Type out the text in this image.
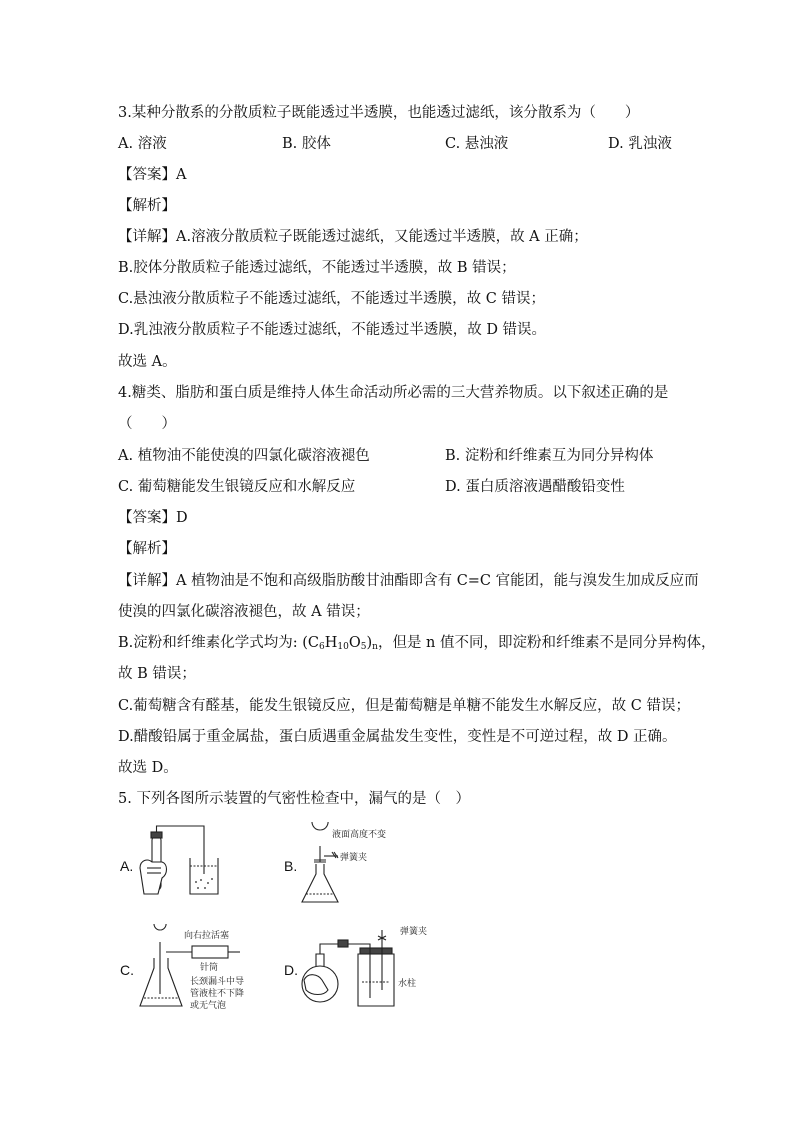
3.某种分散系的分散质粒子既能透过半透膜，也能透过滤纸，该分散系为（　　）
A. 溶液	B. 胶体	C. 悬浊液	D. 乳浊液
【答案】A
【解析】
【详解】A.溶液分散质粒子既能透过滤纸，又能透过半透膜，故 A 正确；
B.胶体分散质粒子能透过滤纸，不能透过半透膜，故 B 错误；
C.悬浊液分散质粒子不能透过滤纸，不能透过半透膜，故 C 错误；
D.乳浊液分散质粒子不能透过滤纸，不能透过半透膜，故 D 错误。
故选 A。
4.糖类、脂肪和蛋白质是维持人体生命活动所必需的三大营养物质。以下叙述正确的是
（　　）
A. 植物油不能使溴的四氯化碳溶液褪色	B. 淀粉和纤维素互为同分异构体
C. 葡萄糖能发生银镜反应和水解反应	D. 蛋白质溶液遇醋酸铅变性
【答案】D
【解析】
【详解】A 植物油是不饱和高级脂肪酸甘油酯即含有 C=C 官能团，能与溴发生加成反应而
使溴的四氯化碳溶液褪色，故 A 错误；
B.淀粉和纤维素化学式均为: $(C_6H_{10}O_5)_n$，但是 n 值不同，即淀粉和纤维素不是同分异构体，
故 B 错误；
C.葡萄糖含有醛基，能发生银镜反应，但是葡萄糖是单糖不能发生水解反应，故 C 错误；
D.醋酸铅属于重金属盐，蛋白质遇重金属盐发生变性，变性是不可逆过程，故 D 正确。
故选 D。
5. 下列各图所示装置的气密性检查中，漏气的是（　）
A.	B.
C.	D.
液面高度不变
弹簧夹
向右拉活塞
针筒
长颈漏斗中导
管液柱不下降
或无气泡
弹簧夹
水柱
